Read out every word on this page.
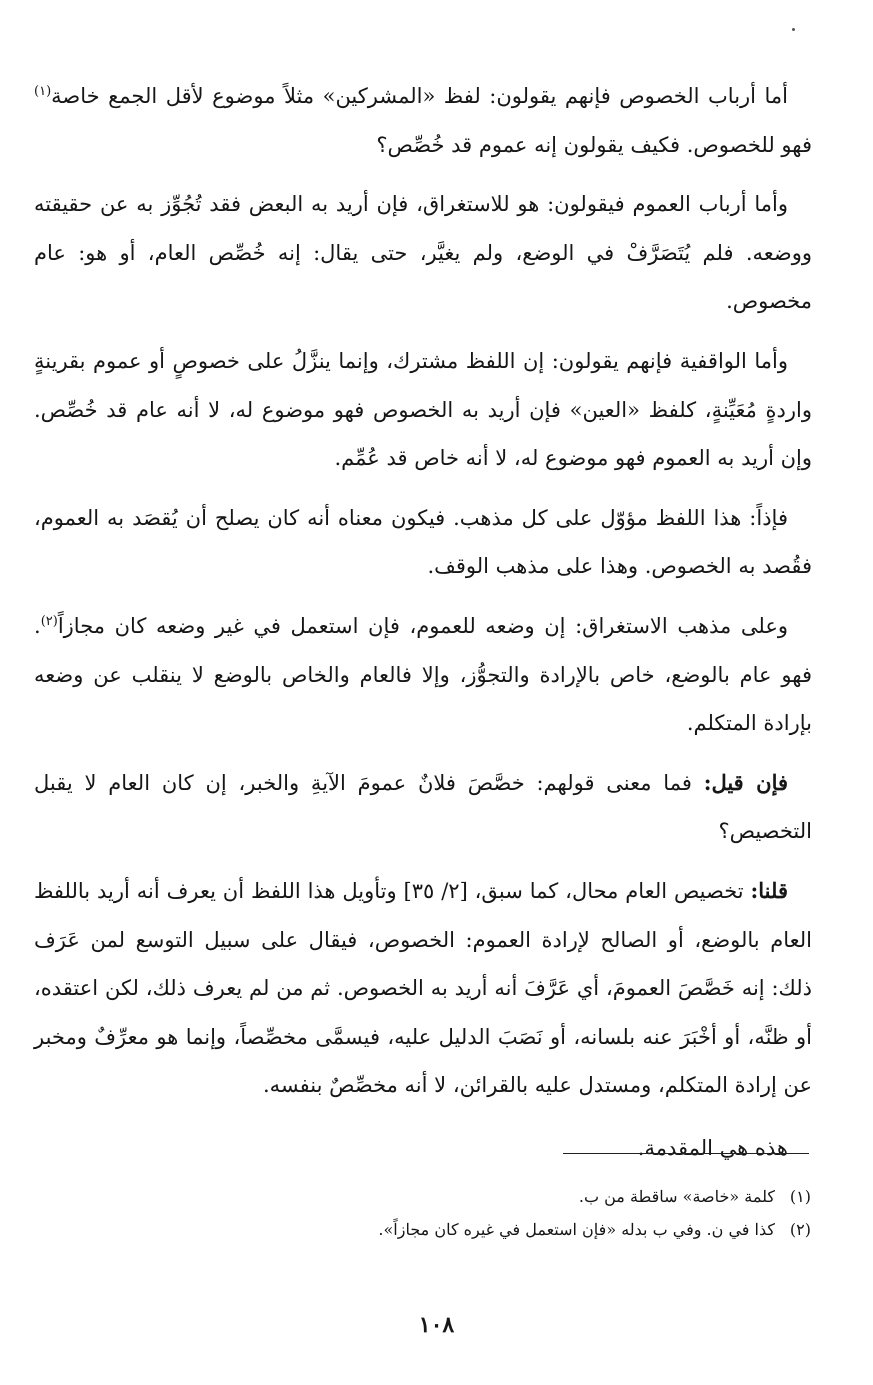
أما أرباب الخصوص فإنهم يقولون: لفظ «المشركين» مثلاً موضوع لأقل الجمع خاصة$^{(١)}$ فهو للخصوص. فكيف يقولون إنه عموم قد خُصِّص؟

وأما أرباب العموم فيقولون: هو للاستغراق، فإن أريد به البعض فقد تُجُوِّز به عن حقيقته ووضعه. فلم يُتَصَرَّفْ في الوضع، ولم يغيَّر، حتى يقال: إنه خُصِّص العام، أو هو: عام مخصوص.

وأما الواقفية فإنهم يقولون: إن اللفظ مشترك، وإنما ينزَّلُ على خصوصٍ أو عموم بقرينةٍ واردةٍ مُعَيِّنةٍ، كلفظ «العين» فإن أريد به الخصوص فهو موضوع له، لا أنه عام قد خُصِّص. وإن أريد به العموم فهو موضوع له، لا أنه خاص قد عُمِّم.

فإذاً: هذا اللفظ مؤوّل على كل مذهب. فيكون معناه أنه كان يصلح أن يُقصَد به العموم، فقُصد به الخصوص. وهذا على مذهب الوقف.

وعلى مذهب الاستغراق: إن وضعه للعموم، فإن استعمل في غير وضعه كان مجازاً$^{(٢)}$. فهو عام بالوضع، خاص بالإرادة والتجوُّز، وإلا فالعام والخاص بالوضع لا ينقلب عن وضعه بإرادة المتكلم.

فإن قيل: فما معنى قولهم: خصَّصَ فلانٌ عمومَ الآيةِ والخبر، إن كان العام لا يقبل التخصيص؟

قلنا: تخصيص العام محال، كما سبق، [٢/ ٣٥] وتأويل هذا اللفظ أن يعرف أنه أريد باللفظ العام بالوضع، أو الصالح لإرادة العموم: الخصوص، فيقال على سبيل التوسع لمن عَرَف ذلك: إنه خَصَّصَ العمومَ، أي عَرَّفَ أنه أريد به الخصوص. ثم من لم يعرف ذلك، لكن اعتقده، أو ظنَّه، أو أخْبَرَ عنه بلسانه، أو نَصَبَ الدليل عليه، فيسمَّى مخصِّصاً، وإنما هو معرِّفٌ ومخبر عن إرادة المتكلم، ومستدل عليه بالقرائن، لا أنه مخصِّصٌ بنفسه.

هذه هي المقدمة.

(١)كلمة «خاصة» ساقطة من ب.

(٢)كذا في ن. وفي ب بدله «فإن استعمل في غيره كان مجازاً».

١٠٨
